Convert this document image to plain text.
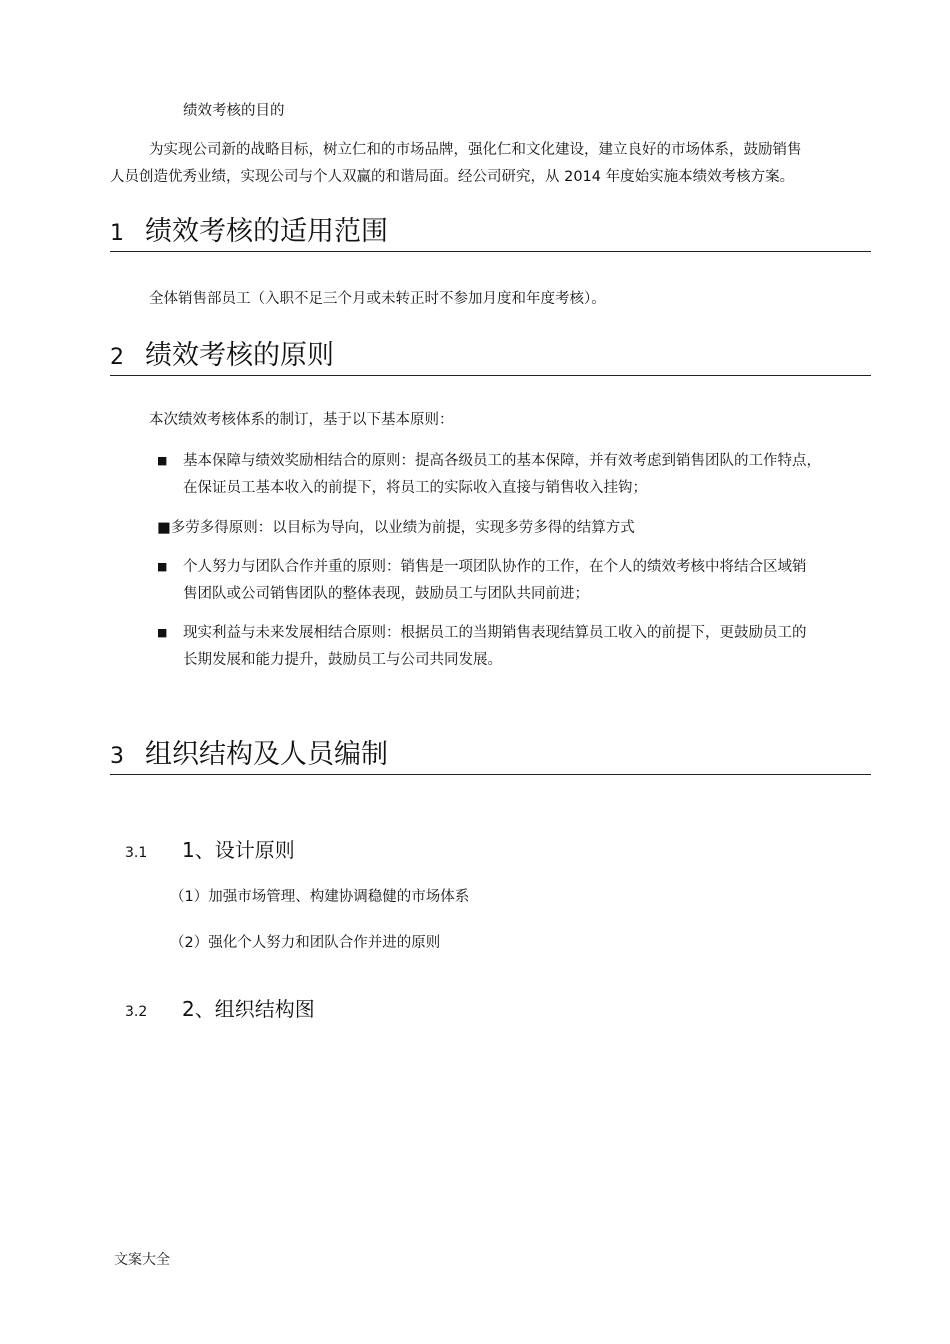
绩效考核的目的
为实现公司新的战略目标，树立仁和的市场品牌，强化仁和文化建设，建立良好的市场体系，鼓励销售
人员创造优秀业绩，实现公司与个人双赢的和谐局面。经公司研究，从 2014 年度始实施本绩效考核方案。
1 绩效考核的适用范围
全体销售部员工（入职不足三个月或未转正时不参加月度和年度考核）。
2 绩效考核的原则
本次绩效考核体系的制订，基于以下基本原则：
■ 基本保障与绩效奖励相结合的原则：提高各级员工的基本保障，并有效考虑到销售团队的工作特点，
在保证员工基本收入的前提下，将员工的实际收入直接与销售收入挂钩；
■多劳多得原则：以目标为导向，以业绩为前提，实现多劳多得的结算方式
■ 个人努力与团队合作并重的原则：销售是一项团队协作的工作，在个人的绩效考核中将结合区域销
售团队或公司销售团队的整体表现，鼓励员工与团队共同前进；
■ 现实利益与未来发展相结合原则：根据员工的当期销售表现结算员工收入的前提下，更鼓励员工的
长期发展和能力提升，鼓励员工与公司共同发展。
3 组织结构及人员编制
3.1 1、设计原则
（1）加强市场管理、构建协调稳健的市场体系
（2）强化个人努力和团队合作并进的原则
3.2 2、组织结构图
文案大全
